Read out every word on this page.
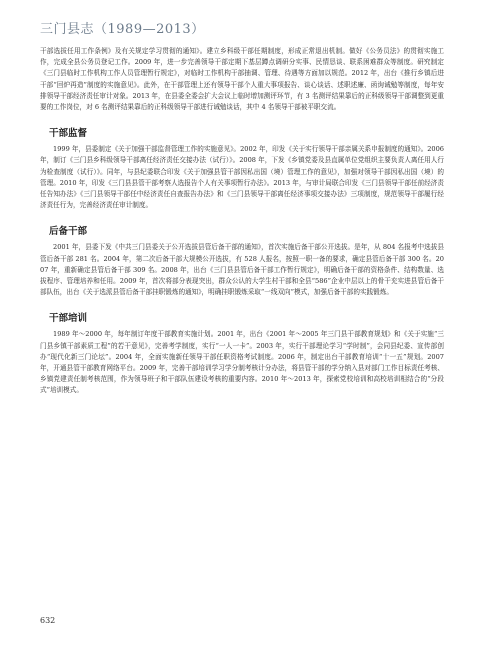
三门县志（1989—2013）

干部选拔任用工作条例》及有关规定学习贯彻的通知》。建立乡科级干部任期制度，形成正常退出机制。做好《公务员法》的贯彻实施工作，完成全县公务员登记工作。2009 年，进一步完善领导干部定期下基层蹲点调研分实事、民情恳谈、联系困难群众等制度。研究制定《三门县临时工作机构工作人员管理暂行规定》，对临时工作机构干部抽调、管理、待遇等方面加以规范。2012 年，出台《推行乡镇后进干部“回炉再造”制度的实施意见》。此外，在干部管理上还有领导干部个人重大事项报告、谈心谈话、述职述廉、函询诫勉等制度，每年安排领导干部经济责任审计对象。2013 年，在县委全委会扩大会议上临时增加测评环节，有 3 名测评结果靠后的正科级领导干部调整到更重要的工作岗位，对 6 名测评结果靠后的正科级领导干部进行诫勉谈话，其中 4 名领导干部被平职交流。

干部监督

1999 年，县委制定《关于加强干部监督管理工作的实施意见》。2002 年，印发《关于实行领导干部亲属关系申报制度的通知》。2006 年，制订《三门县乡科级领导干部离任经济责任交接办法（试行）》。2008 年，下发《乡镇党委及县直属单位党组织主要负责人离任用人行为检查制度（试行）》。同年，与县纪委联合印发《关于加强县管干部因私出国（境）管理工作的意见》，加强对领导干部因私出国（境）的管理。2010 年，印发《三门县县管干部考察人选报告个人有关事项暂行办法》。2013 年，与审计局联合印发《三门县领导干部任前经济责任告知办法》《三门县领导干部任中经济责任自查报告办法》和《三门县领导干部离任经济事项交接办法》三项制度，规范领导干部履行经济责任行为，完善经济责任审计制度。

后备干部

2001 年，县委下发《中共三门县委关于公开选拔县管后备干部的通知》，首次实施后备干部公开选拔。是年，从 804 名报考中选拔县管后备干部 281 名。2004 年，第二次后备干部大规模公开选拔，有 528 人报名，按照一职一备的要求，确定县管后备干部 300 名。2007 年，重新确定县管后备干部 309 名。2008 年，出台《三门县县管后备干部工作暂行规定》，明确后备干部的资格条件、结构数量、选拔程序、管理培养和任用。2009 年，首次将部分表现突出，群众公认的大学生村干部和全县“586”企业中层以上的骨干充实进县管后备干部队伍，出台《关于选派县管后备干部挂职锻炼的通知》，明确挂职锻炼采取“一线双向”模式，加强后备干部的实践锻炼。

干部培训

1989 年～2000 年，每年制订年度干部教育实施计划。2001 年，出台《2001 年～2005 年三门县干部教育规划》和《关于实施“三门县乡镇干部素质工程”的若干意见》，完善考学制度，实行“一人一卡”。2003 年，实行干部理论学习“学时制”，会同县纪委、宣传部创办“现代化新三门论坛”。2004 年，全面实施新任领导干部任职资格考试制度。2006 年，制定出台干部教育培训“十一五”规划。2007 年，开通县管干部教育网络平台。2009 年，完善干部培训学习学分制考核计分办法，将县管干部的学分纳入县对部门工作目标责任考核、乡镇党建责任制考核范围，作为领导班子和干部队伍建设考核的重要内容。2010 年～2013 年，探索党校培训和高校培训相结合的“分段式”培训模式。

632
